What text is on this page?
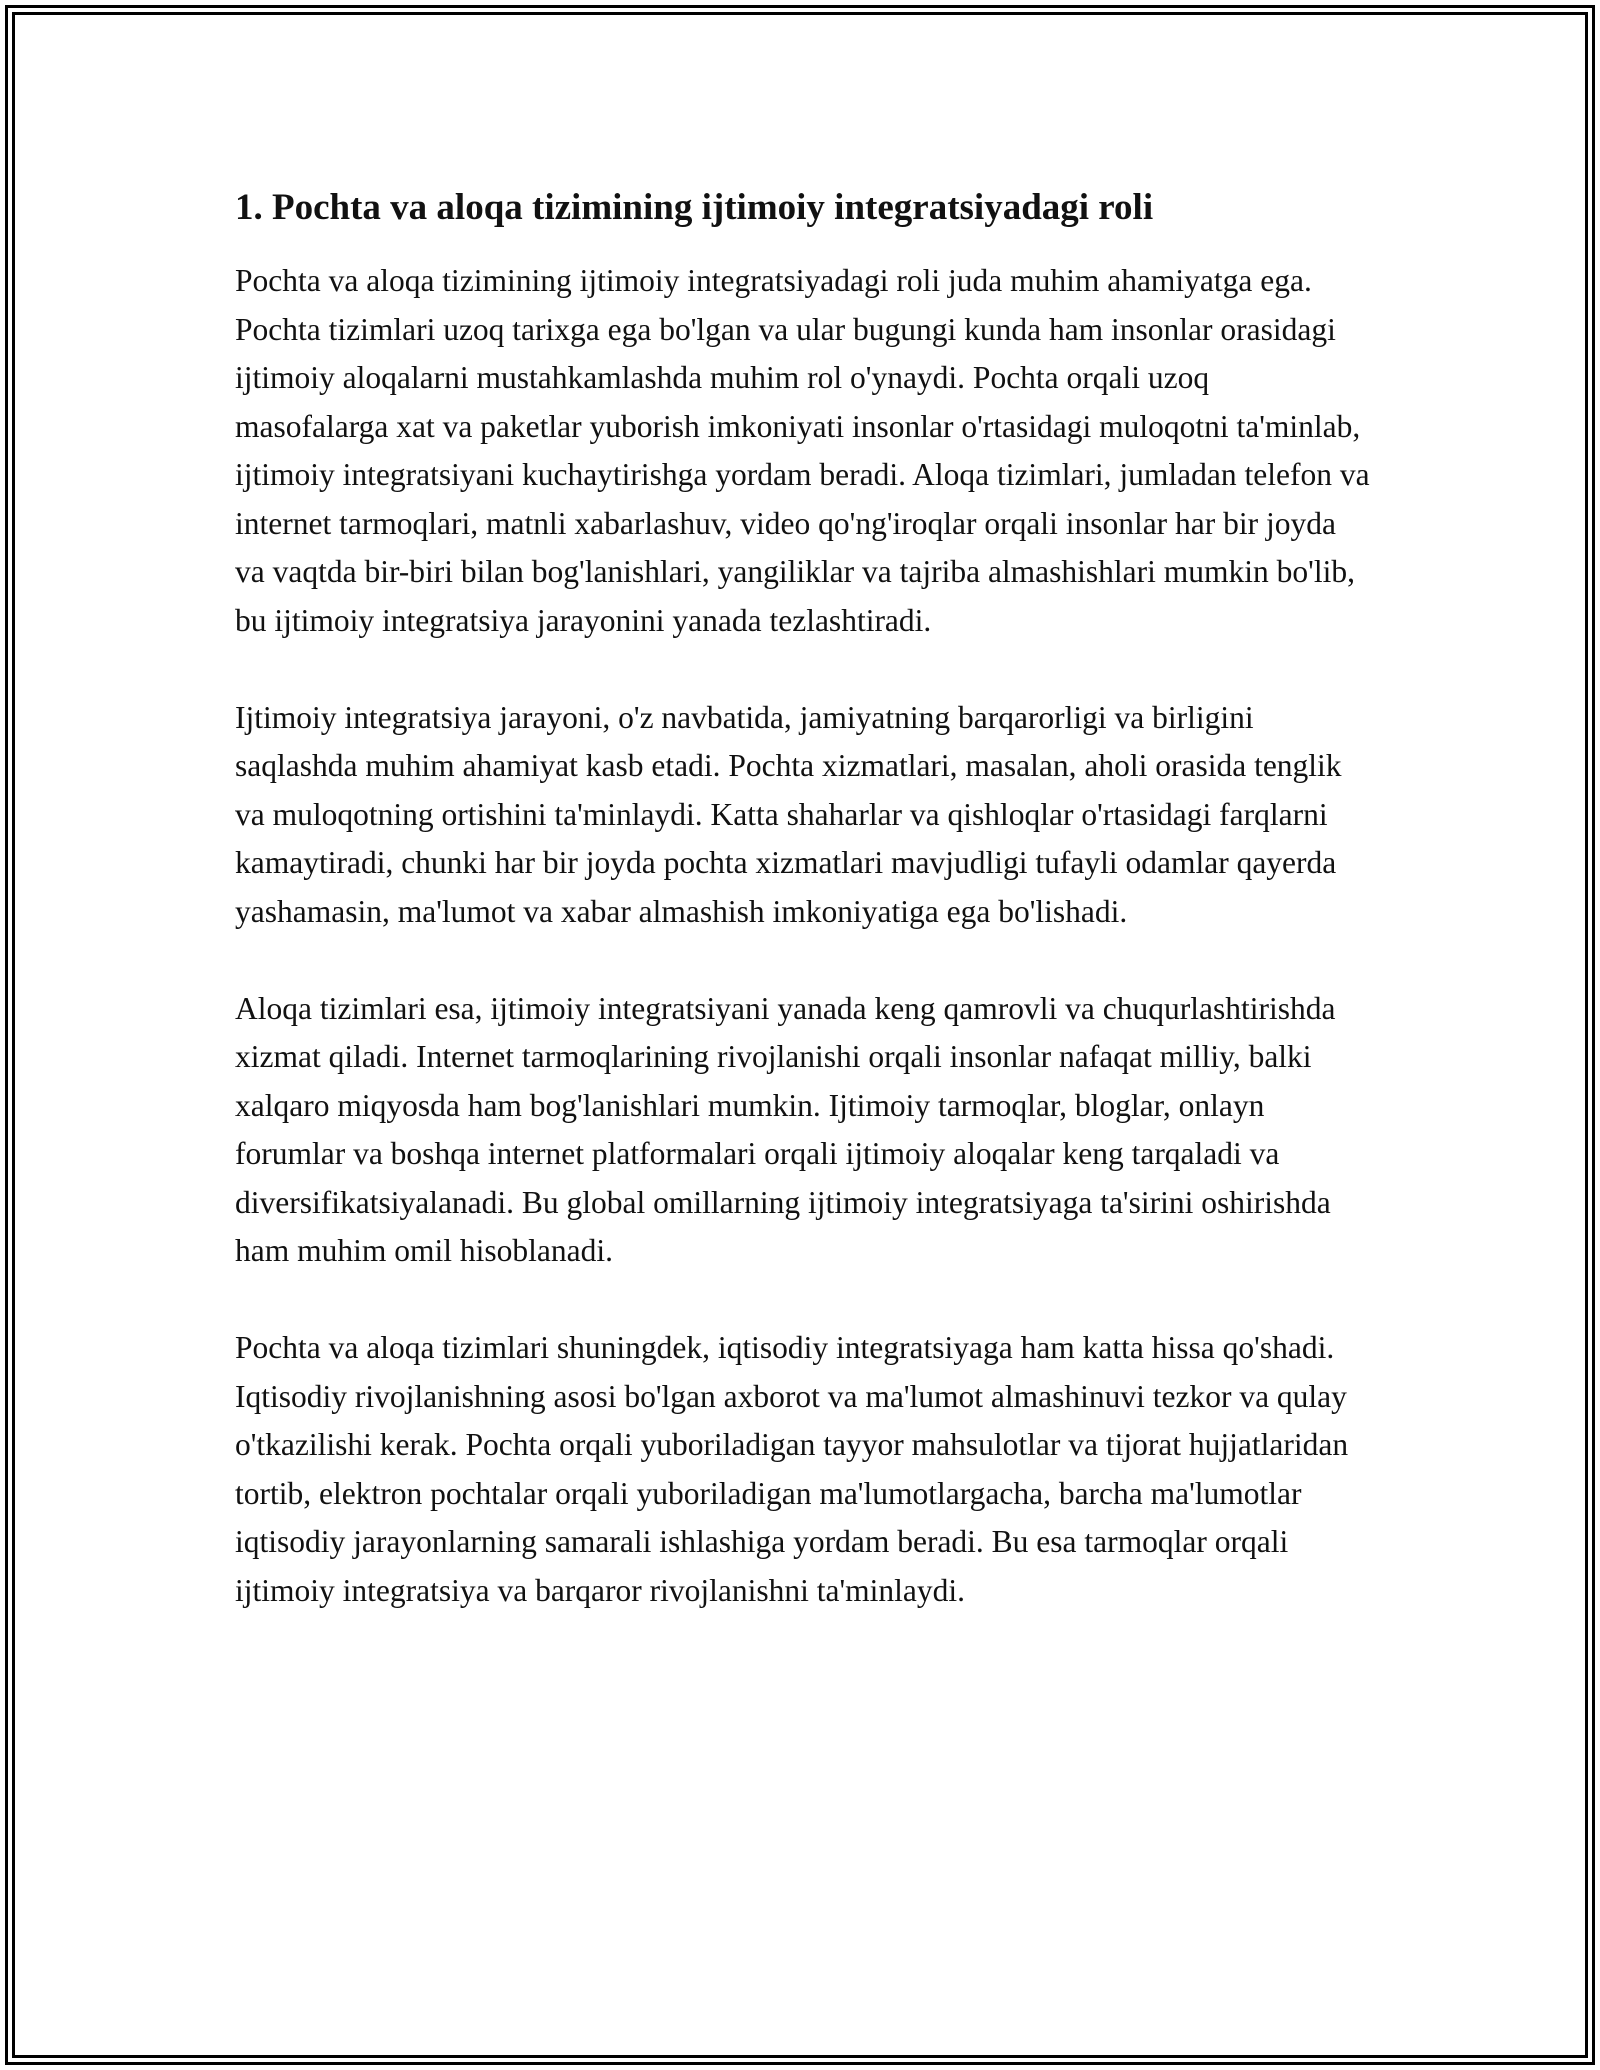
1. Pochta va aloqa tizimining ijtimoiy integratsiyadagi roli

Pochta va aloqa tizimining ijtimoiy integratsiyadagi roli juda muhim ahamiyatga ega. Pochta tizimlari uzoq tarixga ega bo'lgan va ular bugungi kunda ham insonlar orasidagi ijtimoiy aloqalarni mustahkamlashda muhim rol o'ynaydi. Pochta orqali uzoq masofalarga xat va paketlar yuborish imkoniyati insonlar o'rtasidagi muloqotni ta'minlab, ijtimoiy integratsiyani kuchaytirishga yordam beradi. Aloqa tizimlari, jumladan telefon va internet tarmoqlari, matnli xabarlashuv, video qo'ng'iroqlar orqali insonlar har bir joyda va vaqtda bir-biri bilan bog'lanishlari, yangiliklar va tajriba almashishlari mumkin bo'lib, bu ijtimoiy integratsiya jarayonini yanada tezlashtiradi.

Ijtimoiy integratsiya jarayoni, o'z navbatida, jamiyatning barqarorligi va birligini saqlashda muhim ahamiyat kasb etadi. Pochta xizmatlari, masalan, aholi orasida tenglik va muloqotning ortishini ta'minlaydi. Katta shaharlar va qishloqlar o'rtasidagi farqlarni kamaytiradi, chunki har bir joyda pochta xizmatlari mavjudligi tufayli odamlar qayerda yashamasin, ma'lumot va xabar almashish imkoniyatiga ega bo'lishadi.

Aloqa tizimlari esa, ijtimoiy integratsiyani yanada keng qamrovli va chuqurlashtirishda xizmat qiladi. Internet tarmoqlarining rivojlanishi orqali insonlar nafaqat milliy, balki xalqaro miqyosda ham bog'lanishlari mumkin. Ijtimoiy tarmoqlar, bloglar, onlayn forumlar va boshqa internet platformalari orqali ijtimoiy aloqalar keng tarqaladi va diversifikatsiyalanadi. Bu global omillarning ijtimoiy integratsiyaga ta'sirini oshirishda ham muhim omil hisoblanadi.

Pochta va aloqa tizimlari shuningdek, iqtisodiy integratsiyaga ham katta hissa qo'shadi. Iqtisodiy rivojlanishning asosi bo'lgan axborot va ma'lumot almashinuvi tezkor va qulay o'tkazilishi kerak. Pochta orqali yuboriladigan tayyor mahsulotlar va tijorat hujjatlaridan tortib, elektron pochtalar orqali yuboriladigan ma'lumotlargacha, barcha ma'lumotlar iqtisodiy jarayonlarning samarali ishlashiga yordam beradi. Bu esa tarmoqlar orqali ijtimoiy integratsiya va barqaror rivojlanishni ta'minlaydi.
